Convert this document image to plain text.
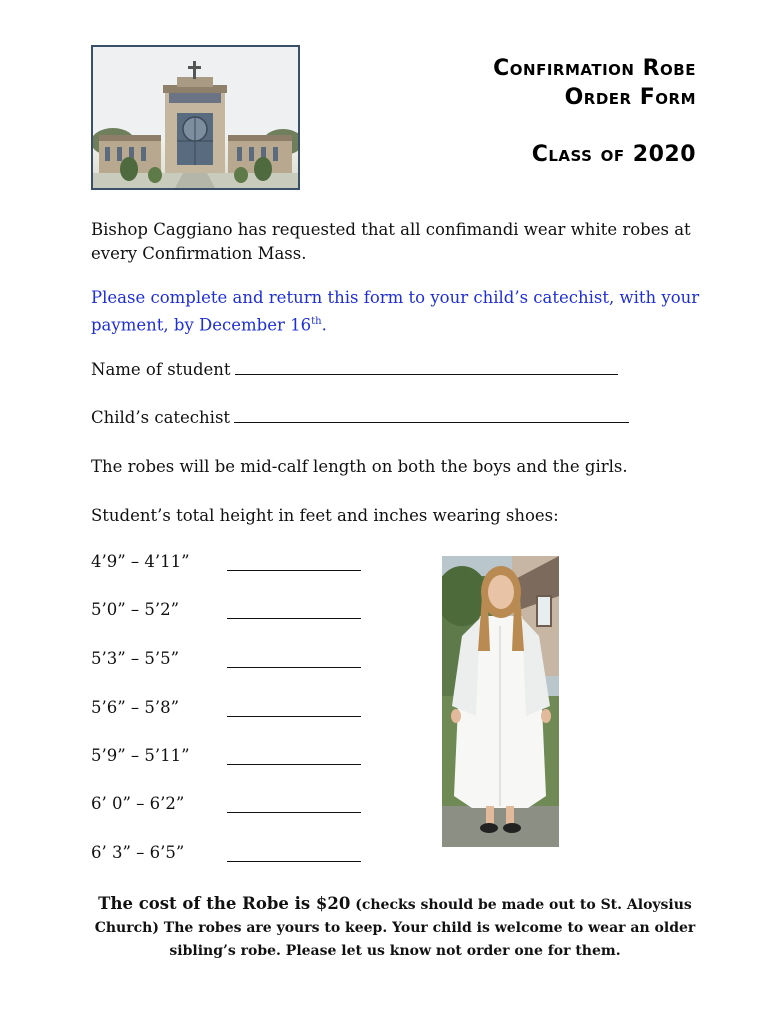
Confirmation Robe
Order Form
Class of 2020
Bishop Caggiano has requested that all confimandi wear white robes at every Confirmation Mass.
Please complete and return this form to your child’s catechist, with your payment, by December 16th.
Name of student
Child’s catechist
The robes will be mid-calf length on both the boys and the girls.
Student’s total height in feet and inches wearing shoes:
4’9” – 4’11”
5’0” – 5’2”
5’3” – 5’5”
5’6” – 5’8”
5’9” – 5’11”
6’ 0” – 6’2”
6’ 3” – 6’5”
The cost of the Robe is $20 (checks should be made out to St. Aloysius Church) The robes are yours to keep. Your child is welcome to wear an older sibling’s robe. Please let us know not order one for them.
